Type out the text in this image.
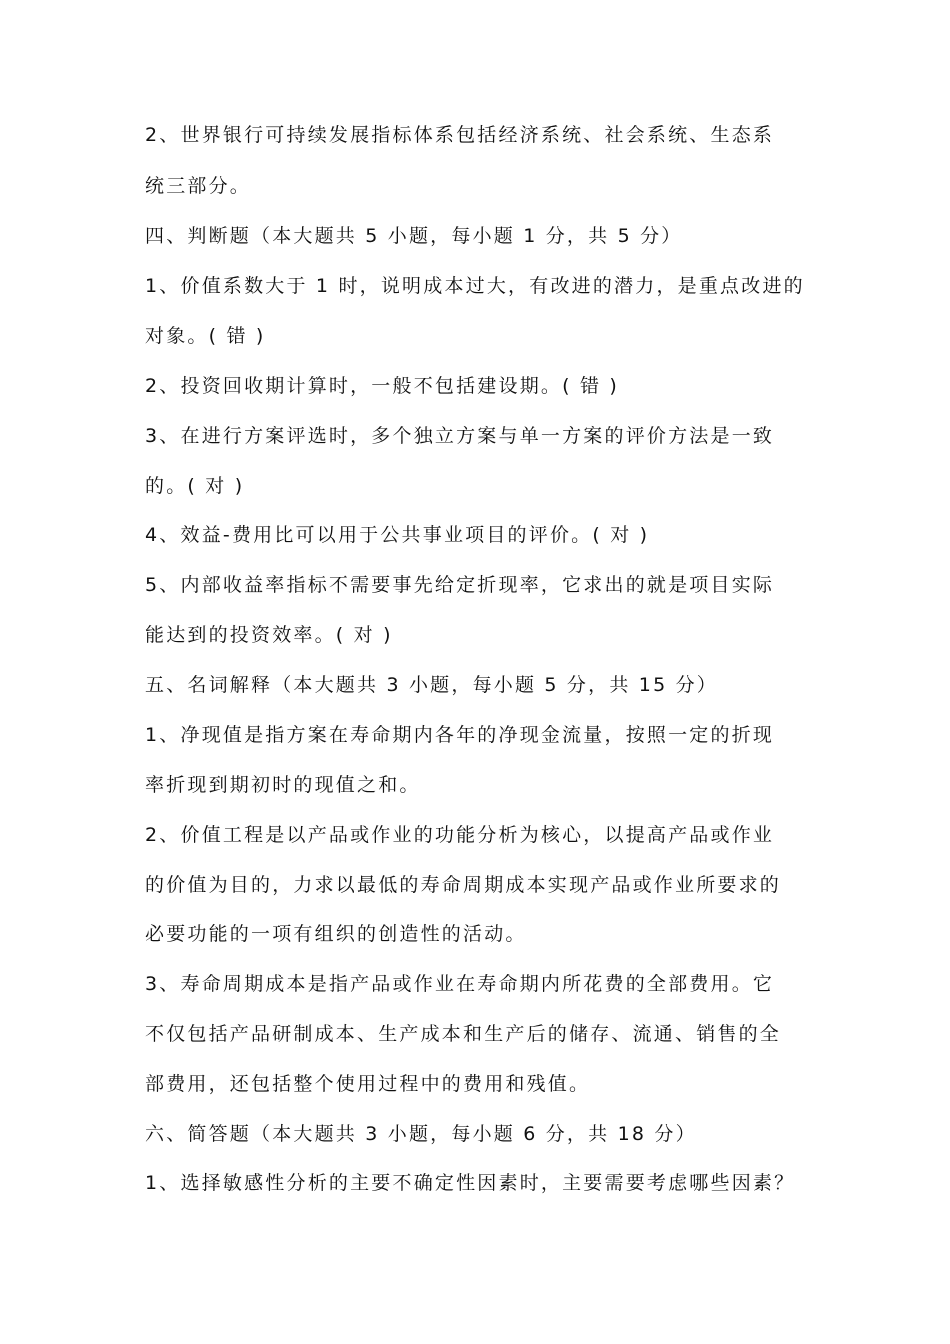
2、世界银行可持续发展指标体系包括经济系统、社会系统、生态系
统三部分。
四、判断题（本大题共 5 小题，每小题 1 分，共 5 分）
1、价值系数大于 1 时，说明成本过大，有改进的潜力，是重点改进的
对象。( 错 )
2、投资回收期计算时，一般不包括建设期。( 错 )
3、在进行方案评选时，多个独立方案与单一方案的评价方法是一致
的。( 对 )
4、效益-费用比可以用于公共事业项目的评价。( 对 )
5、内部收益率指标不需要事先给定折现率，它求出的就是项目实际
能达到的投资效率。( 对 )
五、名词解释（本大题共 3 小题，每小题 5 分，共 15 分）
1、净现值是指方案在寿命期内各年的净现金流量，按照一定的折现
率折现到期初时的现值之和。
2、价值工程是以产品或作业的功能分析为核心，以提高产品或作业
的价值为目的，力求以最低的寿命周期成本实现产品或作业所要求的
必要功能的一项有组织的创造性的活动。
3、寿命周期成本是指产品或作业在寿命期内所花费的全部费用。它
不仅包括产品研制成本、生产成本和生产后的储存、流通、销售的全
部费用，还包括整个使用过程中的费用和残值。
六、简答题（本大题共 3 小题，每小题 6 分，共 18 分）
1、选择敏感性分析的主要不确定性因素时，主要需要考虑哪些因素？
